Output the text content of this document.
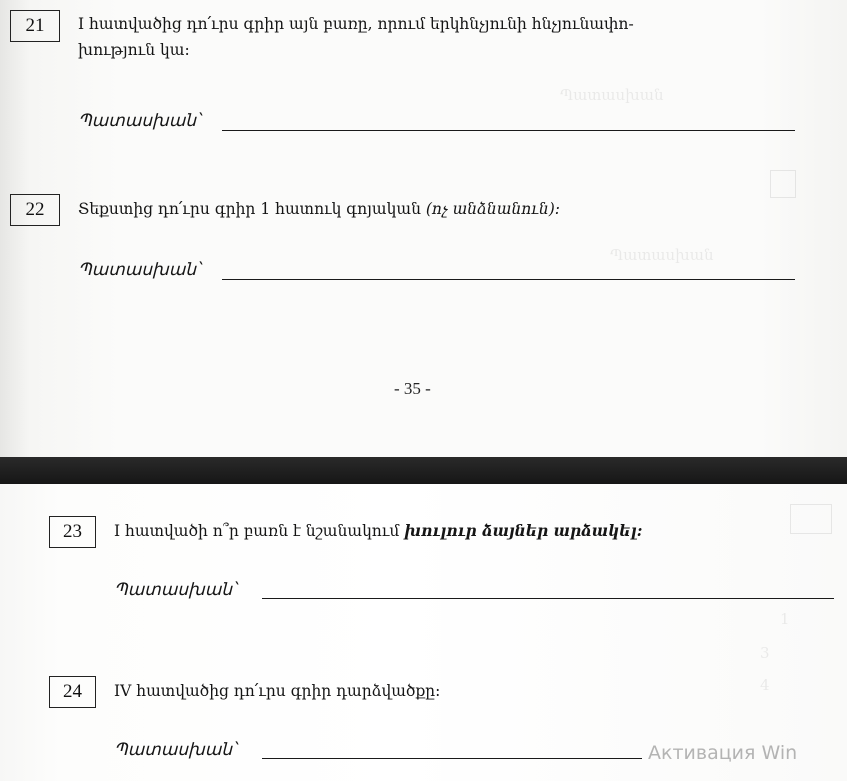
Պատասխան
Պատասխան
21 I հատվածից դո՛ւրս գրիր այն բառը, որում երկհնչյունի հնչյունափո-
խություն կա:
Պատասխան՝
22 Տեքստից դո՛ւրս գրիր 1 հատուկ գոյական (ոչ անձնանուն):
Պատասխան՝
- 35 -
1
3
4
23 I հատվածի ո՞ր բառն է նշանակում խուլուր ձայներ արձակել:
Պատասխան՝
24 IV հատվածից դո՛ւրս գրիր դարձվածքը:
Պատասխան՝	Активация Win
